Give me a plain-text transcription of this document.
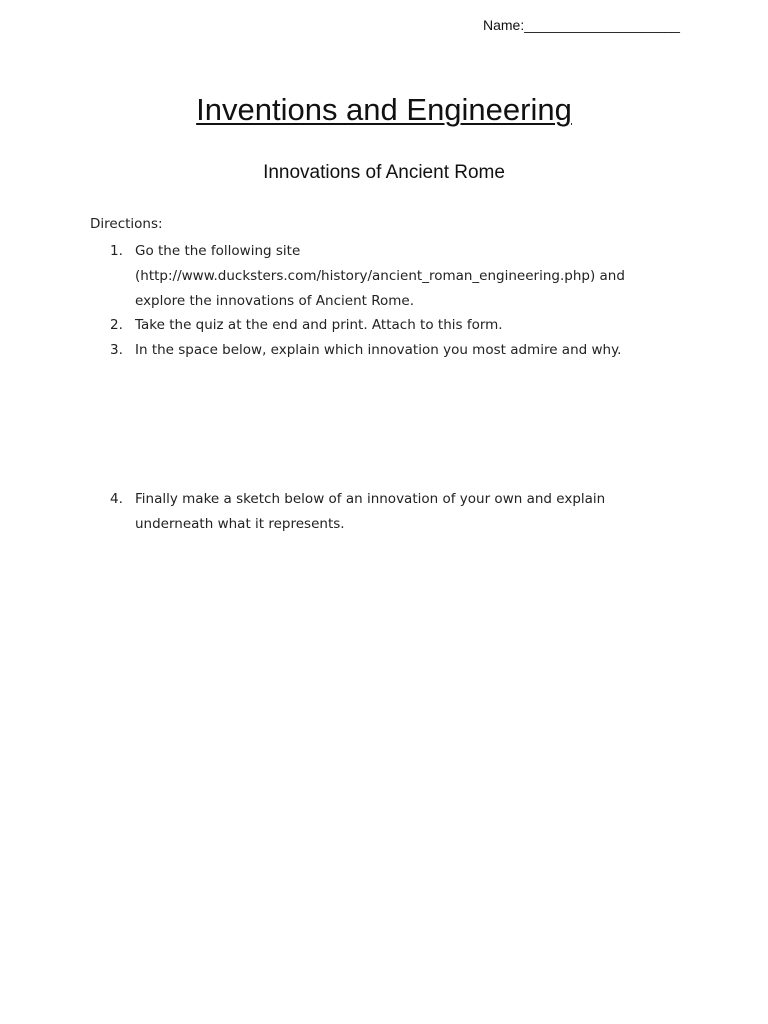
Name:____________________
Inventions and Engineering
Innovations of Ancient Rome
Directions:
1. Go the the following site
(http://www.ducksters.com/history/ancient_roman_engineering.php) and
explore the innovations of Ancient Rome.
2. Take the quiz at the end and print. Attach to this form.
3. In the space below, explain which innovation you most admire and why.
4. Finally make a sketch below of an innovation of your own and explain
underneath what it represents.
